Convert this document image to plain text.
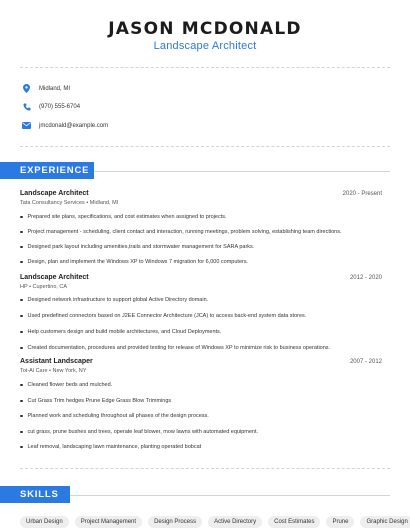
JASON MCDONALD
Landscape Architect
Midland, MI
(970) 555-6704
jmcdonald@example.com
EXPERIENCE
Landscape Architect	2020 - Present
Tata Consultancy Services • Midland, MI
Prepared site plans, specifications, and cost estimates when assigned to projects.
Project management - scheduling, client contact and interaction, running meetings, problem solving, establishing team directions.
Designed park layout including amenities,trails and stormwater management for SARA parks.
Design, plan and implement the Windows XP to Windows 7 migration for 6,000 computers.
Landscape Architect	2012 - 2020
HP • Cupertino, CA
Designed network infrastructure to support global Active Directory domain.
Used predefined connectors based on J2EE Connector Architecture (JCA) to access back-end system data stores.
Help customers design and build mobile architectures, and Cloud Deployments.
Created documentation, procedures and provided testing for release of Windows XP to minimize risk to business operations.
Assistant Landscaper	2007 - 2012
Tot-Al Care • New York, NY
Cleaned flower beds and mulched.
Cut Grass Trim hedges Prune Edge Grass Blow Trimmings
Planned work and scheduling throughout all phases of the design process.
cut grass, prune bushes and trees, operate leaf blower, mow lawns with automated equipment.
Leaf removal, landscaping lawn maintenance, planting operated bobcat
SKILLS
Urban Design	Project Management	Design Process	Active Directory	Cost Estimates	Prune	Graphic Design
